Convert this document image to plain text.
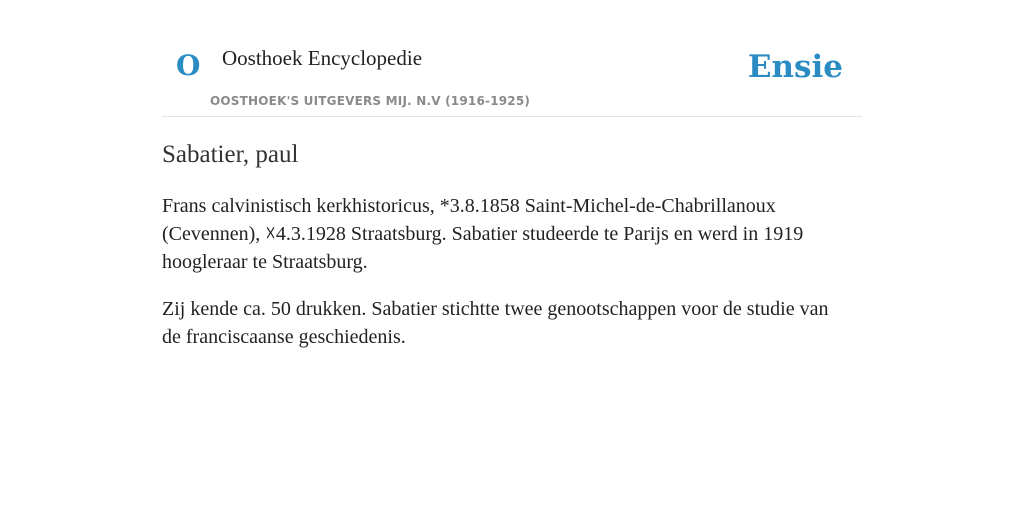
O Oosthoek Encyclopedie	Ensie
OOSTHOEK'S UITGEVERS MIJ. N.V (1916-1925)
Sabatier, paul

Frans calvinistisch kerkhistoricus, *3.8.1858 Saint-Michel-de-Chabrillanoux (Cevennen), ☓4.3.1928 Straatsburg. Sabatier studeerde te Parijs en werd in 1919 hoogleraar te Straatsburg.

Zij kende ca. 50 drukken. Sabatier stichtte twee genootschappen voor de studie van de franciscaanse geschiedenis.
